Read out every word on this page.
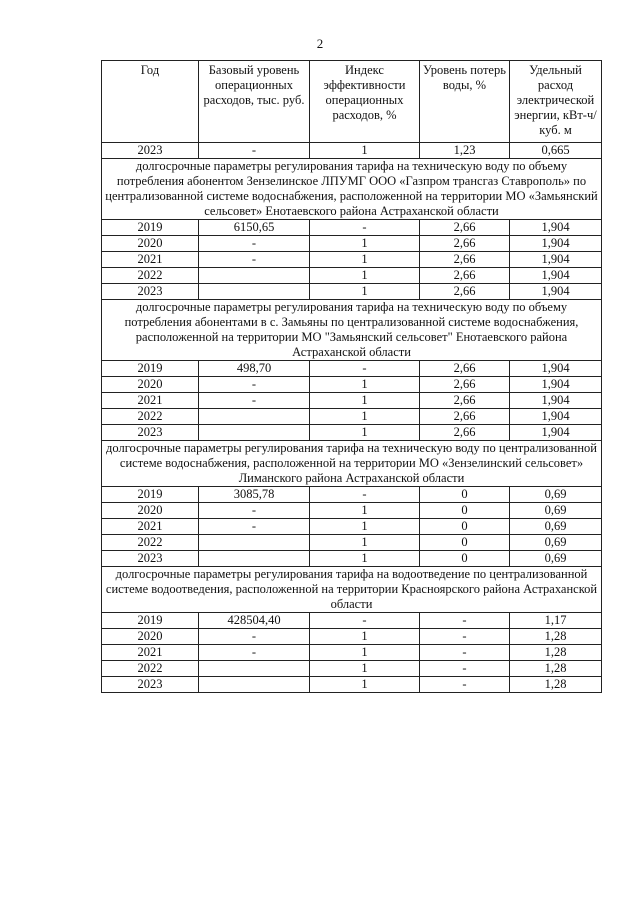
2
Год	Базовый уровень операционных расходов, тыс. руб.	Индекс эффективности операционных расходов, %	Уровень потерь воды, %	Удельный расход электрической энергии, кВт-ч/куб. м
2023	-	1	1,23	0,665
долгосрочные параметры регулирования тарифа на техническую воду по объему потребления абонентом Зензелинское ЛПУМГ ООО «Газпром трансгаз Ставрополь» по централизованной системе водоснабжения, расположенной на территории МО «Замьянский сельсовет» Енотаевского района Астраханской области				
2019	6150,65	-	2,66	1,904
2020	-	1	2,66	1,904
2021	-	1	2,66	1,904
2022		1	2,66	1,904
2023		1	2,66	1,904
долгосрочные параметры регулирования тарифа на техническую воду по объему потребления абонентами в с. Замьяны по централизованной системе водоснабжения, расположенной на территории МО "Замьянский сельсовет" Енотаевского района Астраханской области				
2019	498,70	-	2,66	1,904
2020	-	1	2,66	1,904
2021	-	1	2,66	1,904
2022		1	2,66	1,904
2023		1	2,66	1,904
долгосрочные параметры регулирования тарифа на техническую воду по централизованной системе водоснабжения, расположенной на территории МО «Зензелинский сельсовет» Лиманского района Астраханской области				
2019	3085,78	-	0	0,69
2020	-	1	0	0,69
2021	-	1	0	0,69
2022		1	0	0,69
2023		1	0	0,69
долгосрочные параметры регулирования тарифа на водоотведение по централизованной системе водоотведения, расположенной на территории Красноярского района Астраханской области				
2019	428504,40	-	-	1,17
2020	-	1	-	1,28
2021	-	1	-	1,28
2022		1	-	1,28
2023		1	-	1,28
